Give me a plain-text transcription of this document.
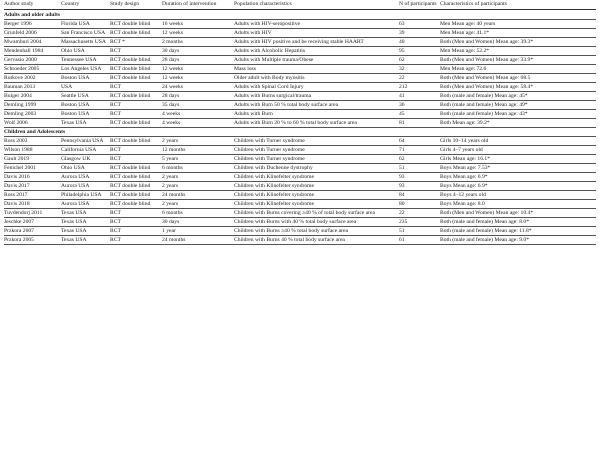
Author study	Country	Study design	Duration of intervention	Population characteristics	N of participants	Characteristics of participants
Adults and older adults						
Berger 1996	Florida USA	RCT double blind	16 weeks	Adults with HIV-seropositive	63	Men Mean age: 40 years
Grunfeld 2006	San Francisco USA	RCT double blind	12 weeks	Adults with HIV	39	Men Mean age: 41.1*
Mwamburi 2004	Massachusetts USA	RCT *	2 months	Adults with HIV positive and be receiving stable HAART	40	Both (Men and Women) Mean age: 39.3*
Mendenhall 1984	Ohio USA	RCT	30 days	Adults with Alcoholic Hepatitis	95	Men Mean age: 52.2*
Gervasio 2000	Tennessee USA	RCT double blind	28 days	Adults with Multiple trauma/Obese	62	Both (Men and Women) Mean age: 33.9*
Schroeder 2005	Los Angeles USA	RCT double blind	12 weeks	Mass loss	32	Men Mean age: 72.6
Rutkove 2002	Boston USA	RCT double blind	12 weeks	Older adult with Body myositis	22	Both (Men and Women) Mean age: 68.5
Bauman 2013	USA	RCT	24 weeks	Adults with Spinal Cord Injury	212	Both (Men and Women) Mean age: 58.4*
Bulger 2004	Seattle USA	RCT double blind	28 days	Adults with Burns surgical/trauma	41	Both (male and female) Mean age: 45*
Demling 1999	Boston USA	RCT	35 days	Adults with Burn 50 % total body surface area	36	Both (male and female) Mean age: 49*
Demling 2003	Boston USA	RCT	4 weeks	Adults with Burn	45	Both (male and female) Mean age: 43*
Wolf 2006	Texas USA	RCT double blind	4 weeks	Adults with Burn 20 % to 60 % total body surface area	81	Both Mean age: 39.2*
Children and Adolescents						
Ross 2003	Pennsylvania USA	RCT double blind	2 years	Children with Turner syndrome	64	Girls 10–14 years old
Wilson 1988	California USA	RCT	12 months	Children with Turner syndrome	71	Girls 4–7 years old
Gault 2019	Glasgow UK	RCT	5 years	Children with Turner syndrome	62	Girls Mean age: 16.1*
Fenichel 2001	Ohio USA	RCT double blind	6 months	Children with Duchenne dystrophy	51	Boys Mean age: 7.53*
Davis 2016	Aurora USA	RCT double blind	2 years	Children with Klinefelter syndrome	93	Boys Mean age: 6.9*
Davis 2017	Aurora USA	RCT double blind	2 years	Children with Klinefelter syndrome	93	Boys Mean age: 6.9*
Ross 2017	Philadelphia USA	RCT double blind	24 months	Children with Klinefelter syndrome	84	Boys 4–12 years old
Davis 2018	Aurora USA	RCT double blind	2 years	Children with Klinefelter syndrome	80	Boys Mean age: 8.0
Tuvdendorj 2011	Texas USA	RCT	6 months	Children with Burns covering ≥40 % of total body surface area	22	Both (Men and Women) Mean age: 10.4*
Jeschke 2007	Texas USA	RCT	30 days	Children with Burns with 40 % total body surface area	235	Both (male and female) Mean age: 8.0*
Przkora 2007	Texas USA	RCT	1 year	Children with Burns ≥40 % total body surface area	51	Both (male and female) Mean age: 11.8*
Przkora 2005	Texas USA	RCT	24 months	Children with Burns 40 % total body surface area	61	Both (male and female) Mean age: 9.0*
